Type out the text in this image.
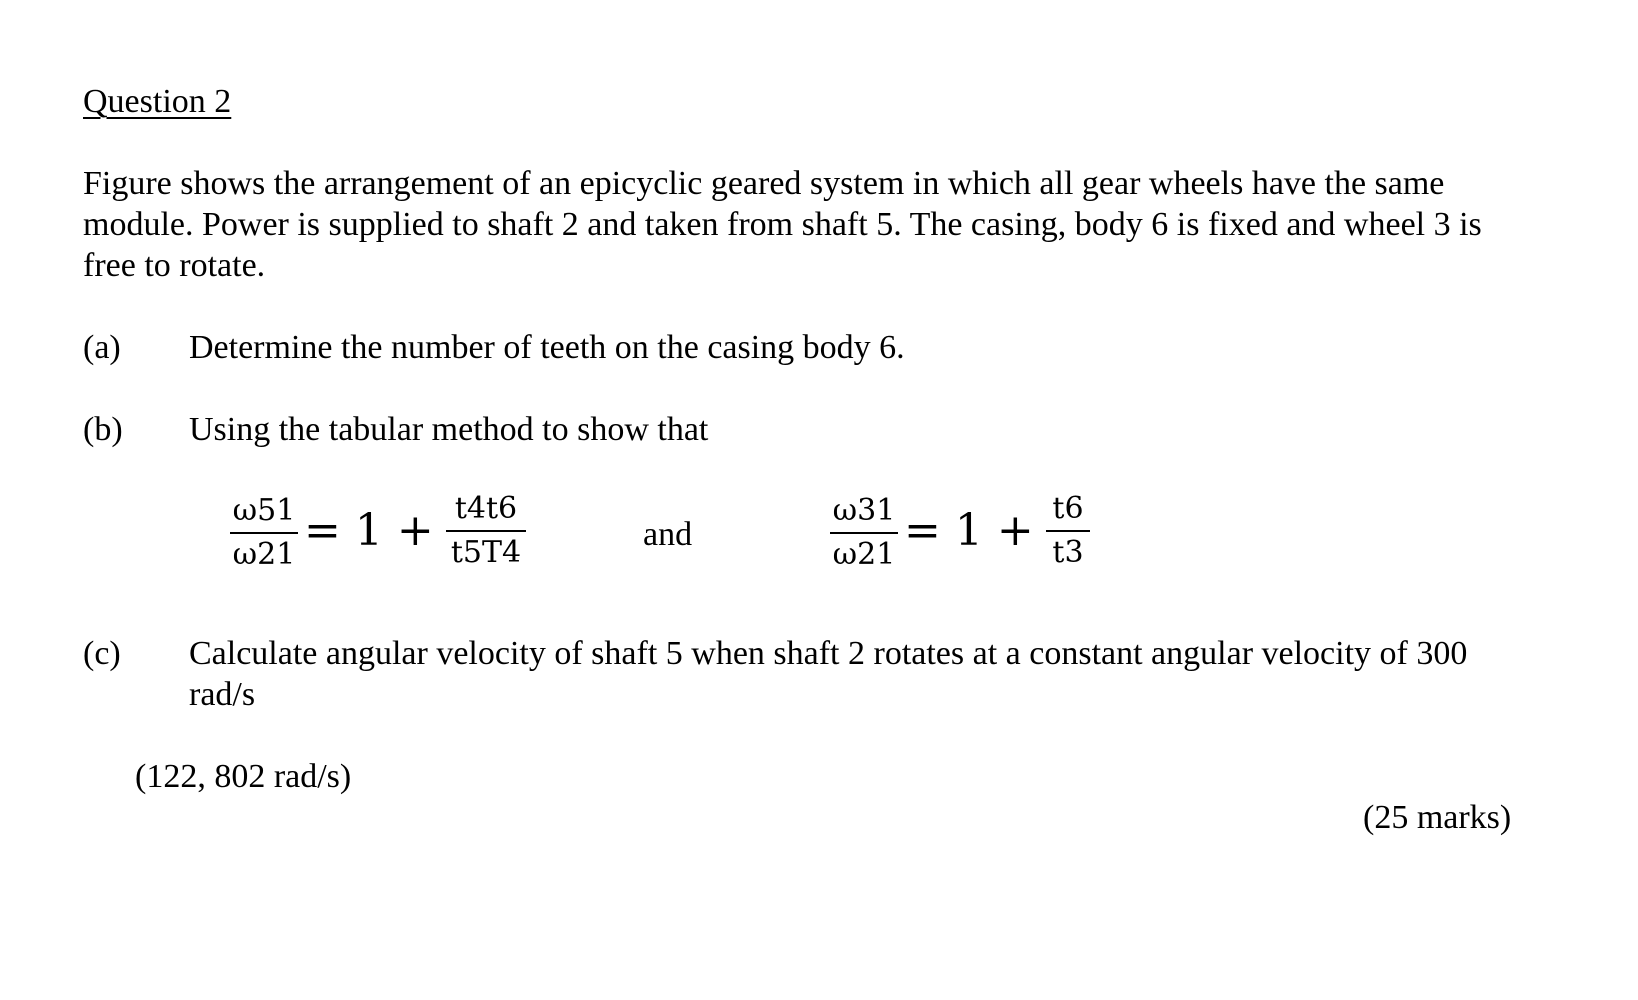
Question 2
Figure shows the arrangement of an epicyclic geared system in which all gear wheels have the same
module. Power is supplied to shaft 2 and taken from shaft 5. The casing, body 6 is fixed and wheel 3 is
free to rotate.
(a) Determine the number of teeth on the casing body 6.
(b) Using the tabular method to show that
ω51
ω21 = 1 + t4t6
t5T4	and
ω31
ω21 = 1 + t6
t3
(c) Calculate angular velocity of shaft 5 when shaft 2 rotates at a constant angular velocity of 300
rad/s
(122, 802 rad/s)
(25 marks)
